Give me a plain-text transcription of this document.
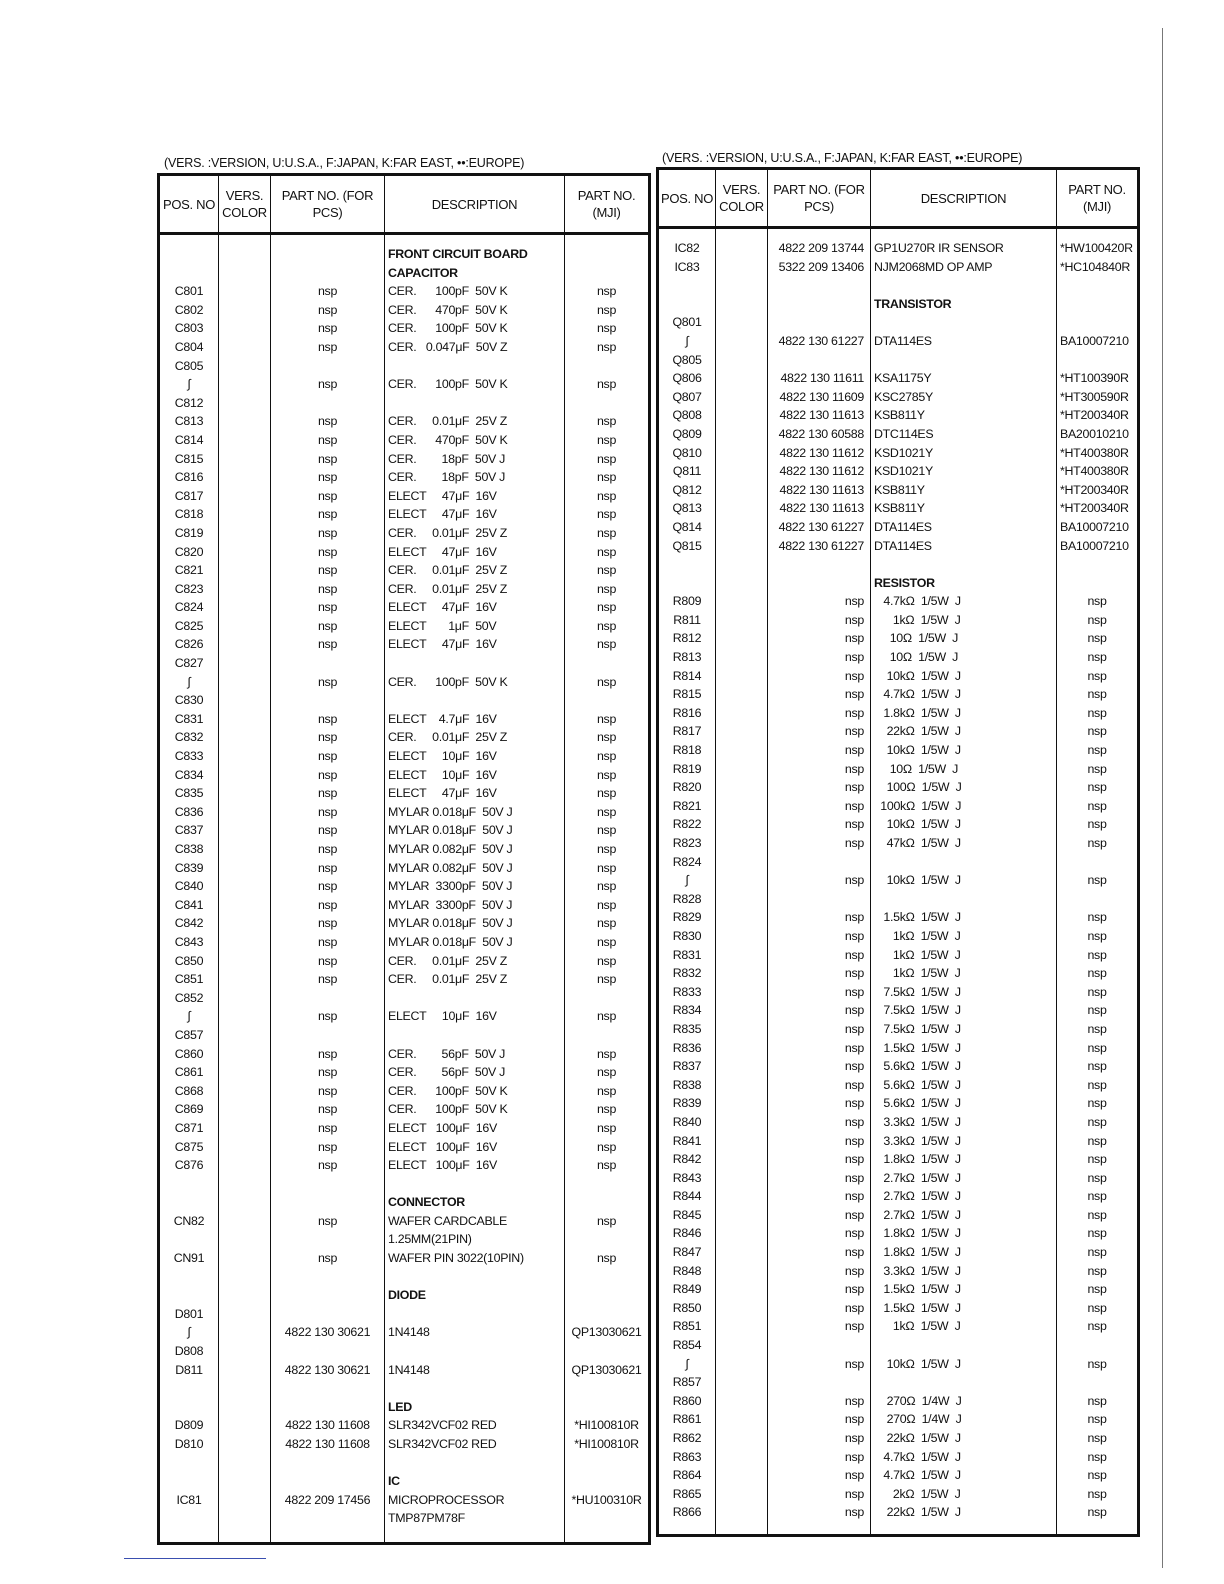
(VERS. :VERSION, U:U.S.A., F:JAPAN, K:FAR EAST, ••:EUROPE)	(VERS. :VERSION, U:U.S.A., F:JAPAN, K:FAR EAST, ••:EUROPE)
POS. NO	VERS. COLOR	PART NO. (FOR PCS)	DESCRIPTION	PART NO. (MJI)

			FRONT CIRCUIT BOARD	
			CAPACITOR	
C801		nsp	CER.      100pF  50V K	nsp
C802		nsp	CER.      470pF  50V K	nsp
C803		nsp	CER.      100pF  50V K	nsp
C804		nsp	CER.   0.047μF  50V Z	nsp
C805				
∫		nsp	CER.      100pF  50V K	nsp
C812				
C813		nsp	CER.     0.01μF  25V Z	nsp
C814		nsp	CER.      470pF  50V K	nsp
C815		nsp	CER.        18pF  50V J	nsp
C816		nsp	CER.        18pF  50V J	nsp
C817		nsp	ELECT     47μF  16V	nsp
C818		nsp	ELECT     47μF  16V	nsp
C819		nsp	CER.     0.01μF  25V Z	nsp
C820		nsp	ELECT     47μF  16V	nsp
C821		nsp	CER.     0.01μF  25V Z	nsp
C823		nsp	CER.     0.01μF  25V Z	nsp
C824		nsp	ELECT     47μF  16V	nsp
C825		nsp	ELECT       1μF  50V	nsp
C826		nsp	ELECT     47μF  16V	nsp
C827				
∫		nsp	CER.      100pF  50V K	nsp
C830				
C831		nsp	ELECT    4.7μF  16V	nsp
C832		nsp	CER.     0.01μF  25V Z	nsp
C833		nsp	ELECT     10μF  16V	nsp
C834		nsp	ELECT     10μF  16V	nsp
C835		nsp	ELECT     47μF  16V	nsp
C836		nsp	MYLAR 0.018μF  50V J	nsp
C837		nsp	MYLAR 0.018μF  50V J	nsp
C838		nsp	MYLAR 0.082μF  50V J	nsp
C839		nsp	MYLAR 0.082μF  50V J	nsp
C840		nsp	MYLAR  3300pF  50V J	nsp
C841		nsp	MYLAR  3300pF  50V J	nsp
C842		nsp	MYLAR 0.018μF  50V J	nsp
C843		nsp	MYLAR 0.018μF  50V J	nsp
C850		nsp	CER.     0.01μF  25V Z	nsp
C851		nsp	CER.     0.01μF  25V Z	nsp
C852				
∫		nsp	ELECT     10μF  16V	nsp
C857				
C860		nsp	CER.        56pF  50V J	nsp
C861		nsp	CER.        56pF  50V J	nsp
C868		nsp	CER.      100pF  50V K	nsp
C869		nsp	CER.      100pF  50V K	nsp
C871		nsp	ELECT   100μF  16V	nsp
C875		nsp	ELECT   100μF  16V	nsp
C876		nsp	ELECT   100μF  16V	nsp

			CONNECTOR	
CN82		nsp	WAFER CARDCABLE	nsp
			1.25MM(21PIN)	
CN91		nsp	WAFER PIN 3022(10PIN)	nsp

			DIODE	
D801				
∫		4822 130 30621	1N4148	QP13030621
D808				
D811		4822 130 30621	1N4148	QP13030621

			LED	
D809		4822 130 11608	SLR342VCF02 RED	*HI100810R
D810		4822 130 11608	SLR342VCF02 RED	*HI100810R

			IC	
IC81		4822 209 17456	MICROPROCESSOR	*HU100310R
			TMP87PM78F	

POS. NO	VERS. COLOR	PART NO. (FOR PCS)	DESCRIPTION	PART NO. (MJI)

IC82		4822 209 13744	GP1U270R IR SENSOR	*HW100420R
IC83		5322 209 13406	NJM2068MD OP AMP	*HC104840R

			TRANSISTOR	
Q801				
∫		4822 130 61227	DTA114ES	BA10007210
Q805				
Q806		4822 130 11611	KSA1175Y	*HT100390R
Q807		4822 130 11609	KSC2785Y	*HT300590R
Q808		4822 130 11613	KSB811Y	*HT200340R
Q809		4822 130 60588	DTC114ES	BA20010210
Q810		4822 130 11612	KSD1021Y	*HT400380R
Q811		4822 130 11612	KSD1021Y	*HT400380R
Q812		4822 130 11613	KSB811Y	*HT200340R
Q813		4822 130 11613	KSB811Y	*HT200340R
Q814		4822 130 61227	DTA114ES	BA10007210
Q815		4822 130 61227	DTA114ES	BA10007210

			RESISTOR	
R809		nsp	4.7kΩ  1/5W  J	nsp
R811		nsp	1kΩ  1/5W  J	nsp
R812		nsp	10Ω  1/5W  J	nsp
R813		nsp	10Ω  1/5W  J	nsp
R814		nsp	10kΩ  1/5W  J	nsp
R815		nsp	4.7kΩ  1/5W  J	nsp
R816		nsp	1.8kΩ  1/5W  J	nsp
R817		nsp	22kΩ  1/5W  J	nsp
R818		nsp	10kΩ  1/5W  J	nsp
R819		nsp	10Ω  1/5W  J	nsp
R820		nsp	100Ω  1/5W  J	nsp
R821		nsp	100kΩ  1/5W  J	nsp
R822		nsp	10kΩ  1/5W  J	nsp
R823		nsp	47kΩ  1/5W  J	nsp
R824				
∫		nsp	10kΩ  1/5W  J	nsp
R828				
R829		nsp	1.5kΩ  1/5W  J	nsp
R830		nsp	1kΩ  1/5W  J	nsp
R831		nsp	1kΩ  1/5W  J	nsp
R832		nsp	1kΩ  1/5W  J	nsp
R833		nsp	7.5kΩ  1/5W  J	nsp
R834		nsp	7.5kΩ  1/5W  J	nsp
R835		nsp	7.5kΩ  1/5W  J	nsp
R836		nsp	1.5kΩ  1/5W  J	nsp
R837		nsp	5.6kΩ  1/5W  J	nsp
R838		nsp	5.6kΩ  1/5W  J	nsp
R839		nsp	5.6kΩ  1/5W  J	nsp
R840		nsp	3.3kΩ  1/5W  J	nsp
R841		nsp	3.3kΩ  1/5W  J	nsp
R842		nsp	1.8kΩ  1/5W  J	nsp
R843		nsp	2.7kΩ  1/5W  J	nsp
R844		nsp	2.7kΩ  1/5W  J	nsp
R845		nsp	2.7kΩ  1/5W  J	nsp
R846		nsp	1.8kΩ  1/5W  J	nsp
R847		nsp	1.8kΩ  1/5W  J	nsp
R848		nsp	3.3kΩ  1/5W  J	nsp
R849		nsp	1.5kΩ  1/5W  J	nsp
R850		nsp	1.5kΩ  1/5W  J	nsp
R851		nsp	1kΩ  1/5W  J	nsp
R854				
∫		nsp	10kΩ  1/5W  J	nsp
R857				
R860		nsp	270Ω  1/4W  J	nsp
R861		nsp	270Ω  1/4W  J	nsp
R862		nsp	22kΩ  1/5W  J	nsp
R863		nsp	4.7kΩ  1/5W  J	nsp
R864		nsp	4.7kΩ  1/5W  J	nsp
R865		nsp	2kΩ  1/5W  J	nsp
R866		nsp	22kΩ  1/5W  J	nsp
